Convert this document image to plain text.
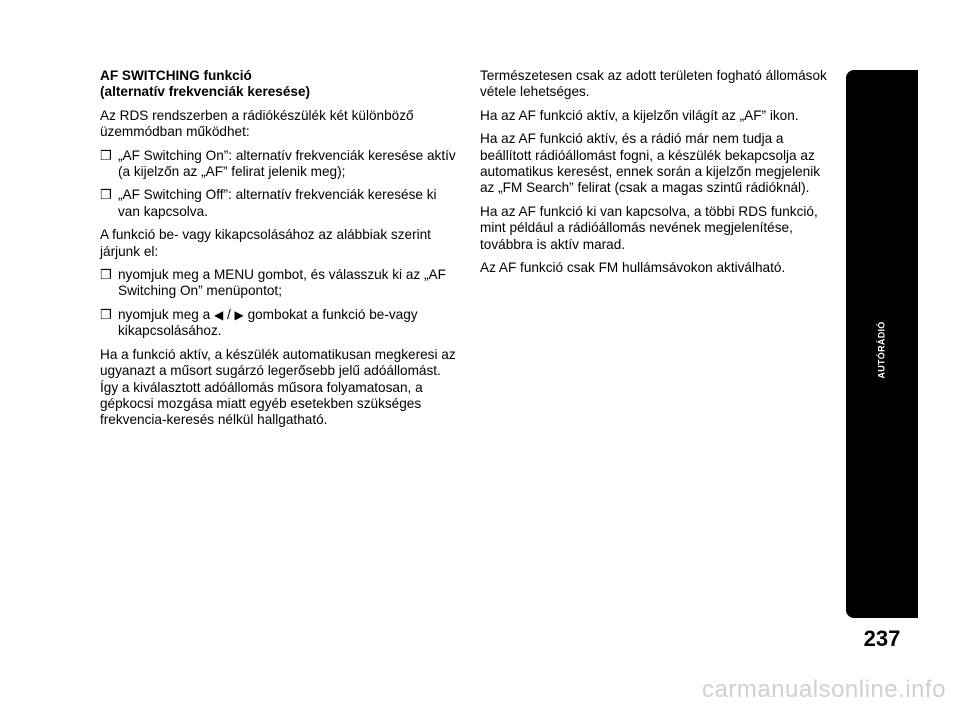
AF SWITCHING funkció
(alternatív frekvenciák keresése)

Az RDS rendszerben a rádiókészülék két különböző üzemmódban működhet:

❒ „AF Switching On”: alternatív frekvenciák keresése aktív (a kijelzőn az „AF” felirat jelenik meg);
❒ „AF Switching Off”: alternatív frekvenciák keresése ki van kapcsolva.

A funkció be- vagy kikapcsolásához az alábbiak szerint járjunk el:

❒ nyomjuk meg a MENU gombot, és válasszuk ki az „AF Switching On” menüpontot;
❒ nyomjuk meg a ◀ / ▶ gombokat a funkció be-vagy kikapcsolásához.

Ha a funkció aktív, a készülék automatikusan megkeresi az ugyanazt a műsort sugárzó legerősebb jelű adóállomást. Így a kiválasztott adóállomás műsora folyamatosan, a gépkocsi mozgása miatt egyéb esetekben szükséges frekvencia-keresés nélkül hallgatható.

Természetesen csak az adott területen fogható állomások vétele lehetséges.

Ha az AF funkció aktív, a kijelzőn világít az „AF” ikon.

Ha az AF funkció aktív, és a rádió már nem tudja a beállított rádióállomást fogni, a készülék bekapcsolja az automatikus keresést, ennek során a kijelzőn megjelenik az „FM Search” felirat (csak a magas szintű rádióknál).

Ha az AF funkció ki van kapcsolva, a többi RDS funkció, mint például a rádióállomás nevének megjelenítése, továbbra is aktív marad.

Az AF funkció csak FM hullámsávokon aktiválható.

AUTÓRÁDIÓ
237
carmanualsonline.info
